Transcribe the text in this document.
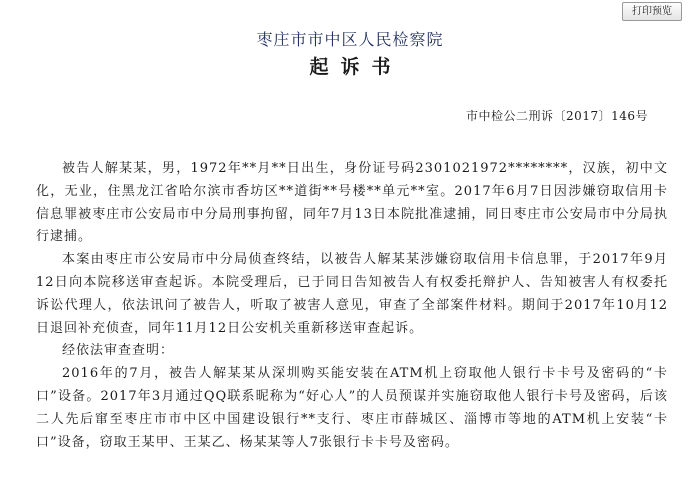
打印预览
枣庄市市中区人民检察院
起诉书
市中检公二刑诉〔2017〕146号

被告人解某某，男，1972年**月**日出生，身份证号码2301021972********，汉族，初中文化，无业，住黑龙江省哈尔滨市香坊区**道街**号楼**单元**室。2017年6月7日因涉嫌窃取信用卡信息罪被枣庄市公安局市中分局刑事拘留，同年7月13日本院批准逮捕，同日枣庄市公安局市中分局执行逮捕。

本案由枣庄市公安局市中分局侦查终结，以被告人解某某涉嫌窃取信用卡信息罪，于2017年9月12日向本院移送审查起诉。本院受理后，已于同日告知被告人有权委托辩护人、告知被害人有权委托诉讼代理人，依法讯问了被告人，听取了被害人意见，审查了全部案件材料。期间于2017年10月12日退回补充侦查，同年11月12日公安机关重新移送审查起诉。

经依法审查查明：

2016年的7月，被告人解某某从深圳购买能安装在ATM机上窃取他人银行卡卡号及密码的“卡口”设备。2017年3月通过QQ联系昵称为“好心人”的人员预谋并实施窃取他人银行卡号及密码，后该二人先后窜至枣庄市市中区中国建设银行**支行、枣庄市薛城区、淄博市等地的ATM机上安装“卡口”设备，窃取王某甲、王某乙、杨某某等人7张银行卡卡号及密码。
